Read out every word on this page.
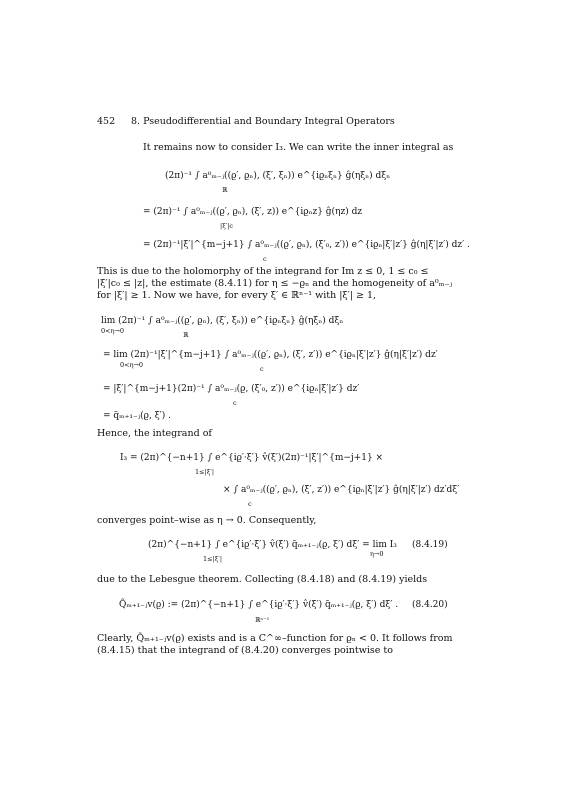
452 8. Pseudodifferential and Boundary Integral Operators
It remains now to consider I₃. We can write the inner integral as
(2π)⁻¹ ∫ a⁰ₘ₋ⱼ((ϱ′, ϱₙ), (ξ′, ξₙ)) e^{iϱₙξₙ} ĝ(ηξₙ) dξₙ
ℝ
= (2π)⁻¹ ∫ a⁰ₘ₋ⱼ((ϱ′, ϱₙ), (ξ′, z)) e^{iϱₙz} ĝ(ηz) dz
|ξ′|c
= (2π)⁻¹|ξ′|^{m−j+1} ∫ a⁰ₘ₋ⱼ((ϱ′, ϱₙ), (ξ′₀, z′)) e^{iϱₙ|ξ′|z′} ĝ(η|ξ′|z′) dz′ .
c
This is due to the holomorphy of the integrand for Im z ≤ 0, 1 ≤ c₀ ≤
|ξ′|c₀ ≤ |z|, the estimate (8.4.11) for η ≤ −ϱₙ and the homogeneity of a⁰ₘ₋ⱼ
for |ξ′| ≥ 1. Now we have, for every ξ′ ∈ ℝⁿ⁻¹ with |ξ′| ≥ 1,
lim (2π)⁻¹ ∫ a⁰ₘ₋ⱼ((ϱ′, ϱₙ), (ξ′, ξₙ)) e^{iϱₙξₙ} ĝ(ηξₙ) dξₙ
0<η→0	ℝ
= lim (2π)⁻¹|ξ′|^{m−j+1} ∫ a⁰ₘ₋ⱼ((ϱ′, ϱₙ), (ξ′, z′)) e^{iϱₙ|ξ′|z′} ĝ(η|ξ′|z′) dz′
0<η→0	c
= |ξ′|^{m−j+1}(2π)⁻¹ ∫ a⁰ₘ₋ⱼ(ϱ, (ξ′₀, z′)) e^{iϱₙ|ξ′|z′} dz′
c
= q̃ₘ₊₁₋ⱼ(ϱ, ξ′) .
Hence, the integrand of
I₃ = (2π)^{−n+1} ∫ e^{iϱ′·ξ′} v̂(ξ′)(2π)⁻¹|ξ′|^{m−j+1} ×
1≤|ξ′|
× ∫ a⁰ₘ₋ⱼ((ϱ′, ϱₙ), (ξ′, z′)) e^{iϱₙ|ξ′|z′} ĝ(η|ξ′|z′) dz′dξ′
c
converges point–wise as η → 0. Consequently,
(2π)^{−n+1} ∫ e^{iϱ′·ξ′} v̂(ξ′) q̃ₘ₊₁₋ⱼ(ϱ, ξ′) dξ′ = lim I₃
1≤|ξ′|
η→0
(8.4.19)
due to the Lebesgue theorem. Collecting (8.4.18) and (8.4.19) yields
Q̃ₘ₊₁₋ⱼv(ϱ) := (2π)^{−n+1} ∫ e^{iϱ′·ξ′} v̂(ξ′) q̃ₘ₊₁₋ⱼ(ϱ, ξ′) dξ′ .
ℝⁿ⁻¹
(8.4.20)
Clearly, Q̃ₘ₊₁₋ⱼv(ϱ) exists and is a C^∞–function for ϱₙ < 0. It follows from
(8.4.15) that the integrand of (8.4.20) converges pointwise to
